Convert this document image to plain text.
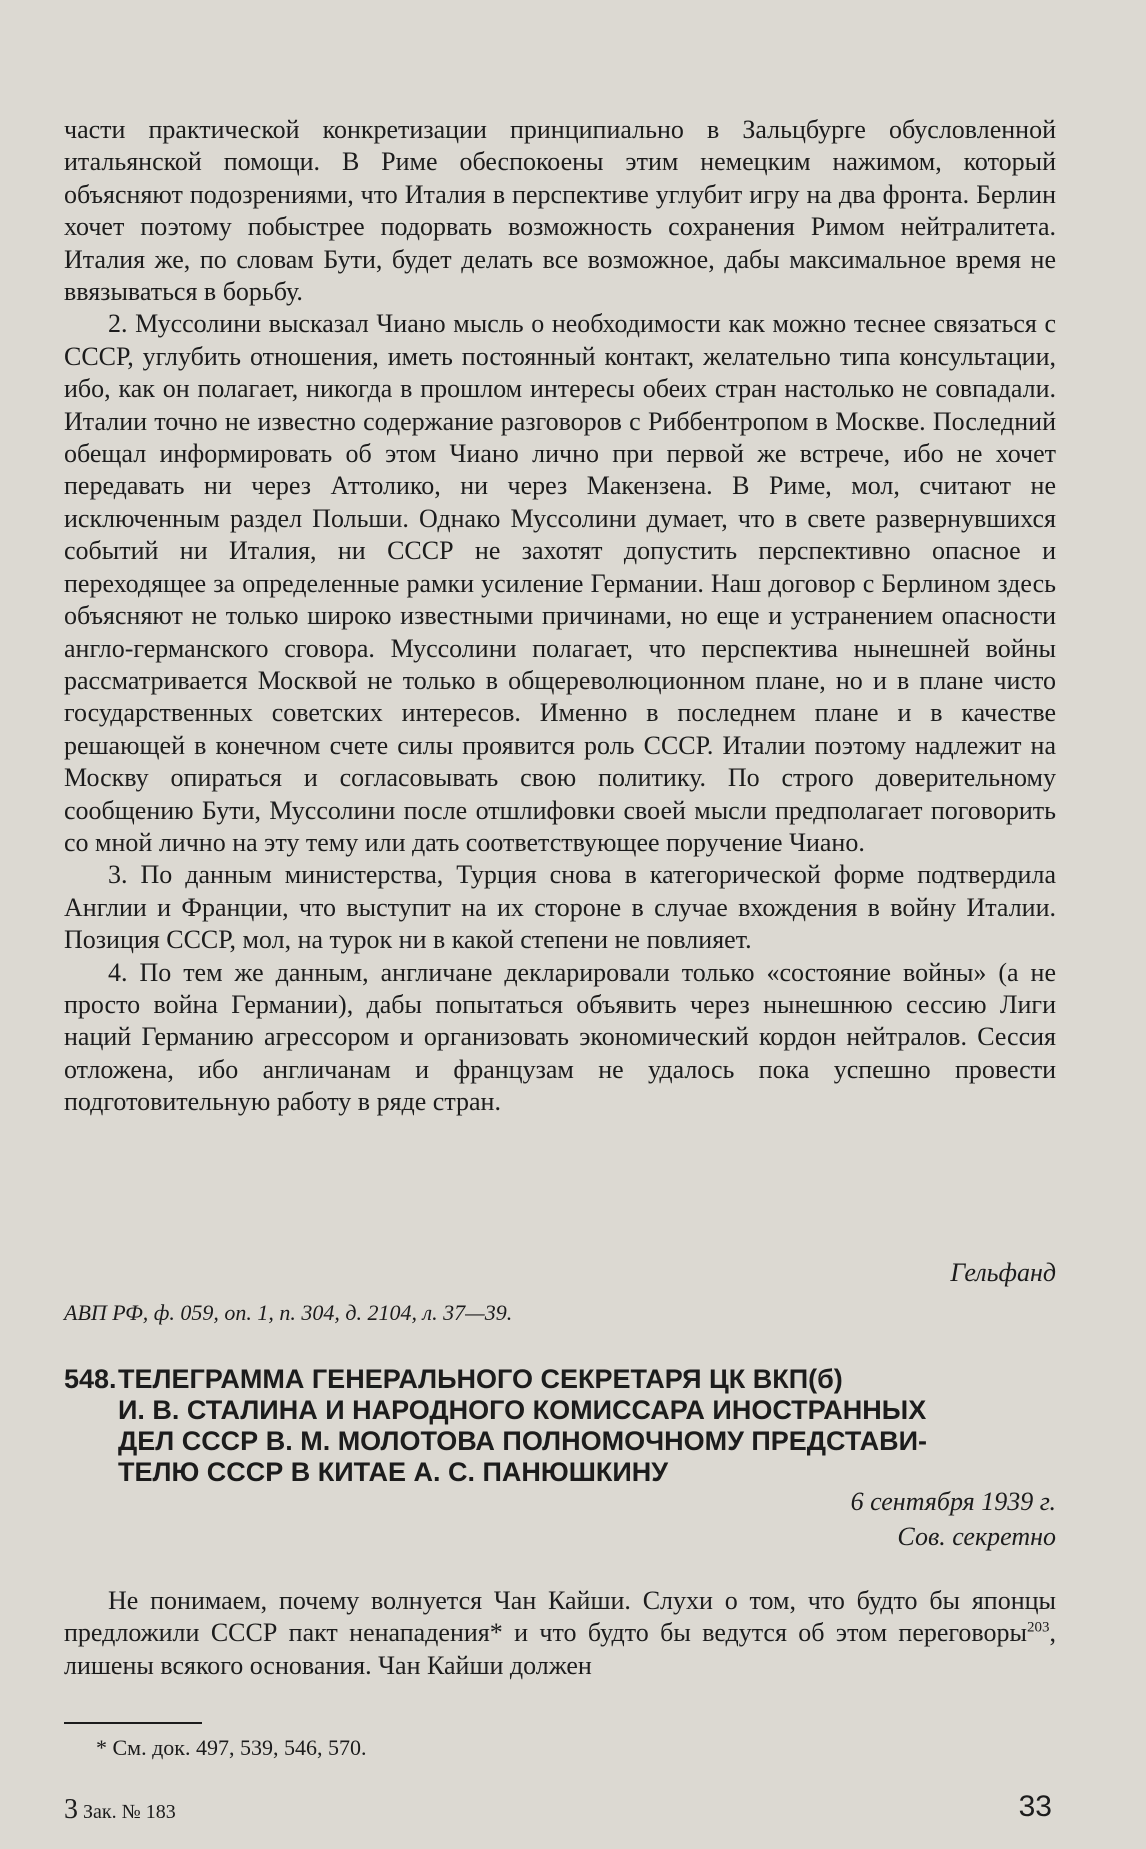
части практической конкретизации принципиально в Зальцбурге обусловленной итальянской помощи. В Риме обеспокоены этим немецким нажимом, который объясняют подозрениями, что Италия в перспективе углубит игру на два фронта. Берлин хочет поэтому побыстрее подорвать возможность сохранения Римом нейтралитета. Италия же, по словам Бути, будет делать все возможное, дабы максимальное время не ввязываться в борьбу.

2. Муссолини высказал Чиано мысль о необходимости как можно теснее связаться с СССР, углубить отношения, иметь постоянный контакт, желательно типа консультации, ибо, как он полагает, никогда в прошлом интересы обеих стран настолько не совпадали. Италии точно не известно содержание разговоров с Риббентропом в Москве. Последний обещал информировать об этом Чиано лично при первой же встрече, ибо не хочет передавать ни через Аттолико, ни через Макензена. В Риме, мол, считают не исключенным раздел Польши. Однако Муссолини думает, что в свете развернувшихся событий ни Италия, ни СССР не захотят допустить перспективно опасное и переходящее за определенные рамки усиление Германии. Наш договор с Берлином здесь объясняют не только широко известными причинами, но еще и устранением опасности англо-германского сговора. Муссолини полагает, что перспектива нынешней войны рассматривается Москвой не только в общереволюционном плане, но и в плане чисто государственных советских интересов. Именно в последнем плане и в качестве решающей в конечном счете силы проявится роль СССР. Италии поэтому надлежит на Москву опираться и согласовывать свою политику. По строго доверительному сообщению Бути, Муссолини после отшлифовки своей мысли предполагает поговорить со мной лично на эту тему или дать соответствующее поручение Чиано.

3. По данным министерства, Турция снова в категорической форме подтвердила Англии и Франции, что выступит на их стороне в случае вхождения в войну Италии. Позиция СССР, мол, на турок ни в какой степени не повлияет.

4. По тем же данным, англичане декларировали только «состояние войны» (а не просто война Германии), дабы попытаться объявить через нынешнюю сессию Лиги наций Германию агрессором и организовать экономический кордон нейтралов. Сессия отложена, ибо англичанам и французам не удалось пока успешно провести подготовительную работу в ряде стран.

Гельфанд

АВП РФ, ф. 059, оп. 1, п. 304, д. 2104, л. 37—39.

548.ТЕЛЕГРАММА ГЕНЕРАЛЬНОГО СЕКРЕТАРЯ ЦК ВКП(б)
И. В. СТАЛИНА И НАРОДНОГО КОМИССАРА ИНОСТРАННЫХ
ДЕЛ СССР В. М. МОЛОТОВА ПОЛНОМОЧНОМУ ПРЕДСТАВИ-
ТЕЛЮ СССР В КИТАЕ А. С. ПАНЮШКИНУ

6 сентября 1939 г.

Сов. секретно

Не понимаем, почему волнуется Чан Кайши. Слухи о том, что будто бы японцы предложили СССР пакт ненападения* и что будто бы ведутся об этом переговоры$^{203}$, лишены всякого основания. Чан Кайши должен

* См. док. 497, 539, 546, 570.

3 Зак. № 183	33
